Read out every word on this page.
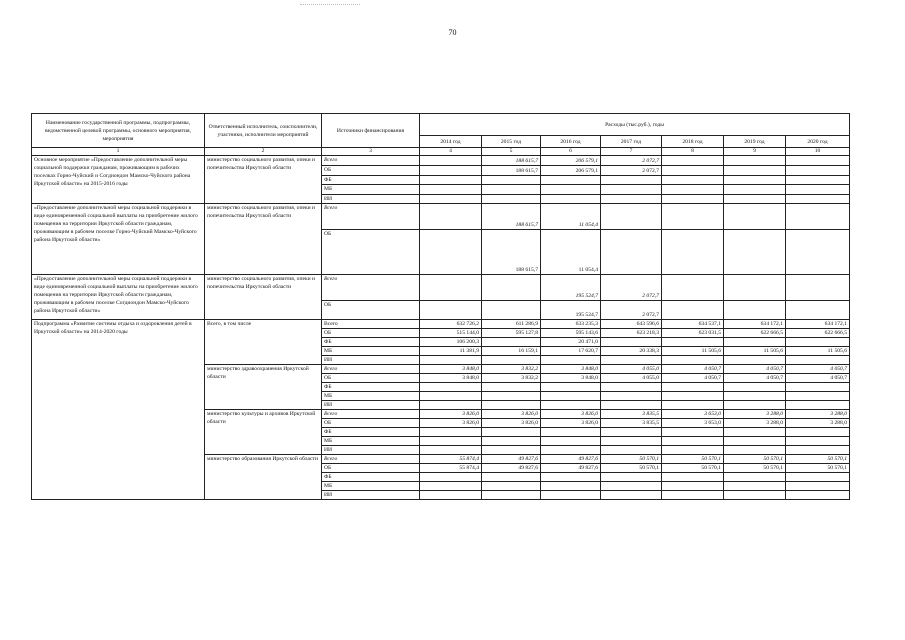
70
Наименование государственной программы, подпрограммы, ведомственной целевой программы, основного мероприятия, мероприятия	Ответственный исполнитель, соисполнители, участники, исполнители мероприятий	Источники финансирования	Расходы (тыс.руб.), годы						
			2014 год	2015 год	2016 год	2017 год	2018 год	2019 год	2020 год
1	2	3	4	5	6	7	8	9	10
Основное мероприятие «Предоставление дополнительной меры социальной поддержки гражданам, проживающим в рабочих поселках Горно-Чуйский и Согдиондон Мамско-Чуйского района Иркутской области» на 2015-2016 годы	министерство социального развития, опеки и попечительства Иркутской области	Всего		188 615,7	206 579,1	2 072,7			
		ОБ		188 615,7	206 579,1	2 072,7			
		ФБ							
		МБ							
		ИИ							
«Предоставление дополнительной меры социальной поддержки в виде единовременной социальной выплаты на приобретение жилого помещения на территории Иркутской области гражданам, проживающим в рабочем поселке Горно-Чуйский Мамско-Чуйского района Иркутской области»	министерство социального развития, опеки и попечительства Иркутской области	Всего		188 615,7	11 054,4				
		ОБ		188 615,7	11 054,4				
«Предоставление дополнительной меры социальной поддержки в виде единовременной социальной выплаты на приобретение жилого помещения на территории Иркутской области гражданам, проживающим в рабочем поселке Согдиондон Мамско-Чуйского района Иркутской области»	министерство социального развития, опеки и попечительства Иркутской области	Всего			195 524,7	2 072,7			
		ОБ			195 524,7	2 072,7			
Подпрограмма «Развитие системы отдыха и оздоровления детей в Иркутской области» на 2014-2020 годы	Всего, в том числе	Всего	632 726,2	611 286,9	633 235,3	643 596,6	634 537,1	634 172,1	634 172,1
		ОБ	515 144,0	595 127,8	595 143,6	623 218,3	623 031,5	622 666,5	622 666,5
		ФБ	106 200,3		20 471,0				
		МБ	11 381,9	16 159,1	17 620,7	20 338,3	11 505,6	11 505,6	11 505,6
		ИИ							
	министерство здравоохранения Иркутской области	Всего	3 848,0	3 832,2	3 848,0	4 055,0	4 050,7	4 050,7	4 050,7
		ОБ	3 848,0	3 832,2	3 848,0	4 055,0	4 050,7	4 050,7	4 050,7
		ФБ							
		МБ							
		ИИ							
	министерство культуры и архивов Иркутской области	Всего	3 826,0	3 826,0	3 826,0	3 835,5	3 653,0	3 288,0	3 288,0
		ОБ	3 826,0	3 826,0	3 826,0	3 835,5	3 653,0	3 288,0	3 288,0
		ФБ							
		МБ							
		ИИ							
	министерство образования Иркутской области	Всего	55 874,4	49 827,6	49 827,6	50 570,1	50 570,1	50 570,1	50 570,1
		ОБ	55 874,4	49 827,6	49 827,6	50 570,1	50 570,1	50 570,1	50 570,1
		ФБ							
		МБ							
		ИИ							
